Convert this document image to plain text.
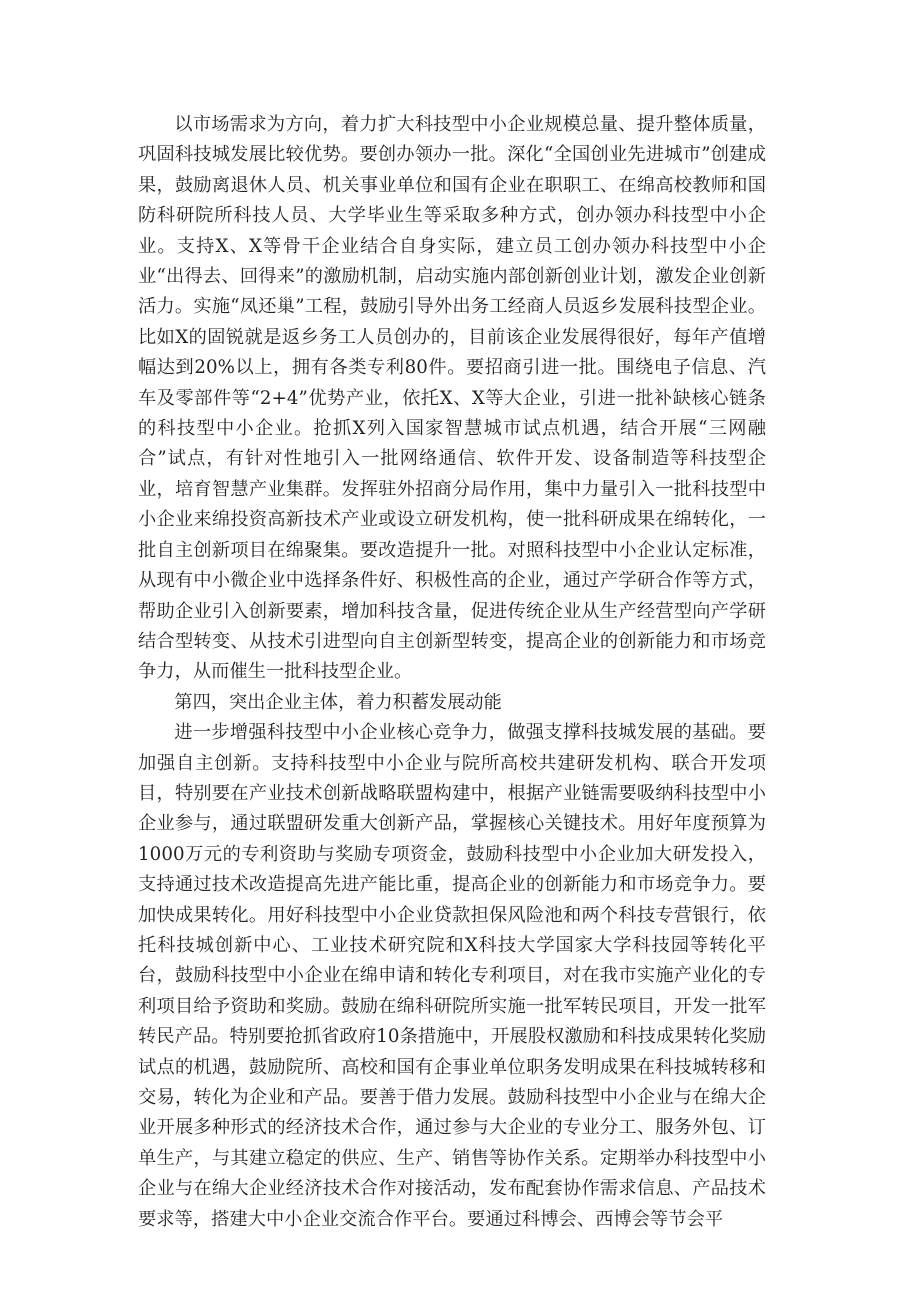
以市场需求为方向，着力扩大科技型中小企业规模总量、提升整体质量，巩固科技城发展比较优势。要创办领办一批。深化“全国创业先进城市”创建成果，鼓励离退休人员、机关事业单位和国有企业在职职工、在绵高校教师和国防科研院所科技人员、大学毕业生等采取多种方式，创办领办科技型中小企业。支持X、X等骨干企业结合自身实际，建立员工创办领办科技型中小企业“出得去、回得来”的激励机制，启动实施内部创新创业计划，激发企业创新活力。实施“凤还巢”工程，鼓励引导外出务工经商人员返乡发展科技型企业。比如X的固锐就是返乡务工人员创办的，目前该企业发展得很好，每年产值增幅达到20%以上，拥有各类专利80件。要招商引进一批。围绕电子信息、汽车及零部件等“2+4”优势产业，依托X、X等大企业，引进一批补缺核心链条的科技型中小企业。抢抓X列入国家智慧城市试点机遇，结合开展“三网融合”试点，有针对性地引入一批网络通信、软件开发、设备制造等科技型企业，培育智慧产业集群。发挥驻外招商分局作用，集中力量引入一批科技型中小企业来绵投资高新技术产业或设立研发机构，使一批科研成果在绵转化，一批自主创新项目在绵聚集。要改造提升一批。对照科技型中小企业认定标准，从现有中小微企业中选择条件好、积极性高的企业，通过产学研合作等方式，帮助企业引入创新要素，增加科技含量，促进传统企业从生产经营型向产学研结合型转变、从技术引进型向自主创新型转变，提高企业的创新能力和市场竞争力，从而催生一批科技型企业。

第四，突出企业主体，着力积蓄发展动能

进一步增强科技型中小企业核心竞争力，做强支撑科技城发展的基础。要加强自主创新。支持科技型中小企业与院所高校共建研发机构、联合开发项目，特别要在产业技术创新战略联盟构建中，根据产业链需要吸纳科技型中小企业参与，通过联盟研发重大创新产品，掌握核心关键技术。用好年度预算为1000万元的专利资助与奖励专项资金，鼓励科技型中小企业加大研发投入，支持通过技术改造提高先进产能比重，提高企业的创新能力和市场竞争力。要加快成果转化。用好科技型中小企业贷款担保风险池和两个科技专营银行，依托科技城创新中心、工业技术研究院和X科技大学国家大学科技园等转化平台，鼓励科技型中小企业在绵申请和转化专利项目，对在我市实施产业化的专利项目给予资助和奖励。鼓励在绵科研院所实施一批军转民项目，开发一批军转民产品。特别要抢抓省政府10条措施中，开展股权激励和科技成果转化奖励试点的机遇，鼓励院所、高校和国有企事业单位职务发明成果在科技城转移和交易，转化为企业和产品。要善于借力发展。鼓励科技型中小企业与在绵大企业开展多种形式的经济技术合作，通过参与大企业的专业分工、服务外包、订单生产，与其建立稳定的供应、生产、销售等协作关系。定期举办科技型中小企业与在绵大企业经济技术合作对接活动，发布配套协作需求信息、产品技术要求等，搭建大中小企业交流合作平台。要通过科博会、西博会等节会平
